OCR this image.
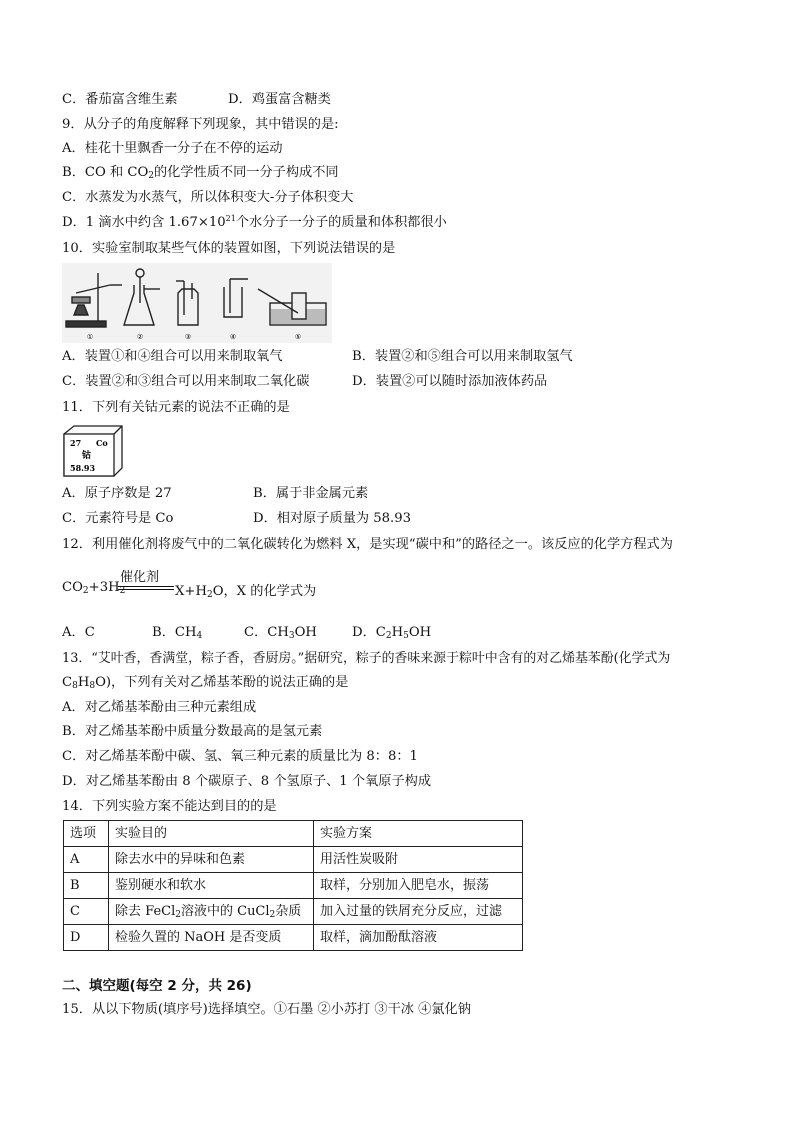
C．番茄富含维生素	D．鸡蛋富含糖类
9．从分子的角度解释下列现象，其中错误的是:
A．桂花十里飘香一分子在不停的运动
B．CO 和 $CO_2$的化学性质不同一分子构成不同
C．水蒸发为水蒸气，所以体积变大-分子体积变大
D．1 滴水中约含 $1.67\times 10^{21}$个水分子一分子的质量和体积都很小
10．实验室制取某些气体的装置如图，下列说法错误的是
①	②	③	④	⑤
A．装置①和④组合可以用来制取氧气	B．装置②和⑤组合可以用来制取氢气
C．装置②和③组合可以用来制取二氧化碳	D．装置②可以随时添加液体药品
11．下列有关钴元素的说法不正确的是
27 Co
钴
58.93
A．原子序数是 27	B．属于非金属元素
C．元素符号是 Co	D．相对原子质量为 58.93
12．利用催化剂将废气中的二氧化碳转化为燃料 X，是实现“碳中和”的路径之一。该反应的化学方程式为
催化剂
$CO_2+3H_2$	$X+H_2O$，X 的化学式为
A．C	B．$CH_4$	C．$CH_3OH$	D．$C_2H_5OH$
13．“艾叶香，香满堂，粽子香，香厨房。”据研究，粽子的香味来源于粽叶中含有的对乙烯基苯酚(化学式为
$C_8H_8O$)，下列有关对乙烯基苯酚的说法正确的是
A．对乙烯基苯酚由三种元素组成
B．对乙烯基苯酚中质量分数最高的是氢元素
C．对乙烯基苯酚中碳、氢、氧三种元素的质量比为 8：8：1
D．对乙烯基苯酚由 8 个碳原子、8 个氢原子、1 个氧原子构成
14．下列实验方案不能达到目的的是
选项	实验目的	实验方案
A	除去水中的异味和色素	用活性炭吸附
B	鉴别硬水和软水	取样，分别加入肥皂水，振荡
C	除去 FeCl$_2$溶液中的 CuCl$_2$杂质	加入过量的铁屑充分反应，过滤
D	检验久置的 NaOH 是否变质	取样，滴加酚酞溶液
二、填空题(每空 2 分，共 26)
15．从以下物质(填序号)选择填空。①石墨 ②小苏打 ③干冰 ④氯化钠
